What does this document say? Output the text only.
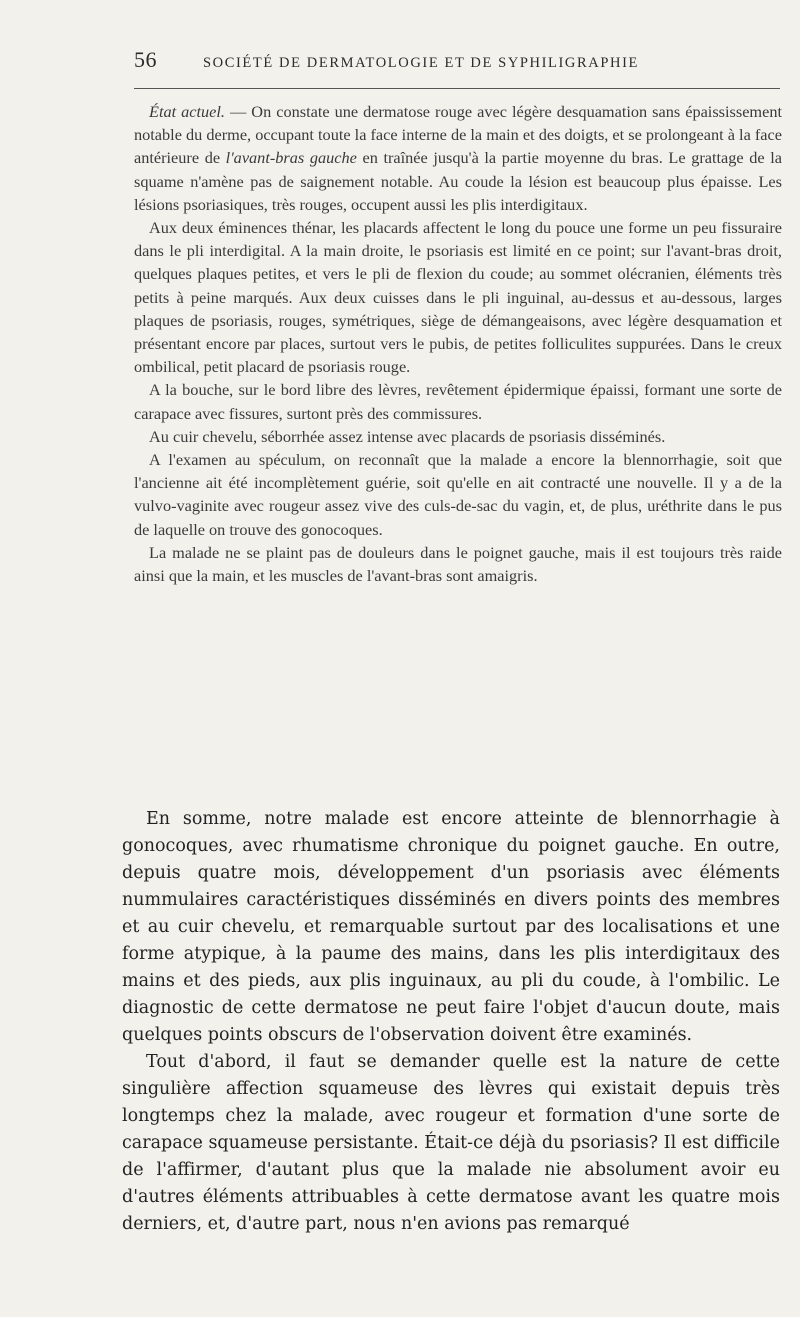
56	SOCIÉTÉ DE DERMATOLOGIE ET DE SYPHILIGRAPHIE

État actuel. — On constate une dermatose rouge avec légère desquamation sans épaississement notable du derme, occupant toute la face interne de la main et des doigts, et se prolongeant à la face antérieure de l'avant-bras gauche en traînée jusqu'à la partie moyenne du bras. Le grattage de la squame n'amène pas de saignement notable. Au coude la lésion est beaucoup plus épaisse. Les lésions psoriasiques, très rouges, occupent aussi les plis interdigitaux.

Aux deux éminences thénar, les placards affectent le long du pouce une forme un peu fissuraire dans le pli interdigital. A la main droite, le psoriasis est limité en ce point; sur l'avant-bras droit, quelques plaques petites, et vers le pli de flexion du coude; au sommet olécranien, éléments très petits à peine marqués. Aux deux cuisses dans le pli inguinal, au-dessus et au-dessous, larges plaques de psoriasis, rouges, symétriques, siège de démangeaisons, avec légère desquamation et présentant encore par places, surtout vers le pubis, de petites folliculites suppurées. Dans le creux ombilical, petit placard de psoriasis rouge.

A la bouche, sur le bord libre des lèvres, revêtement épidermique épaissi, formant une sorte de carapace avec fissures, surtont près des commissures.

Au cuir chevelu, séborrhée assez intense avec placards de psoriasis disséminés.

A l'examen au spéculum, on reconnaît que la malade a encore la blennorrhagie, soit que l'ancienne ait été incomplètement guérie, soit qu'elle en ait contracté une nouvelle. Il y a de la vulvo-vaginite avec rougeur assez vive des culs-de-sac du vagin, et, de plus, uréthrite dans le pus de laquelle on trouve des gonocoques.

La malade ne se plaint pas de douleurs dans le poignet gauche, mais il est toujours très raide ainsi que la main, et les muscles de l'avant-bras sont amaigris.

En somme, notre malade est encore atteinte de blennorrhagie à gonocoques, avec rhumatisme chronique du poignet gauche. En outre, depuis quatre mois, développement d'un psoriasis avec éléments nummulaires caractéristiques disséminés en divers points des membres et au cuir chevelu, et remarquable surtout par des localisations et une forme atypique, à la paume des mains, dans les plis interdigitaux des mains et des pieds, aux plis inguinaux, au pli du coude, à l'ombilic. Le diagnostic de cette dermatose ne peut faire l'objet d'aucun doute, mais quelques points obscurs de l'observation doivent être examinés.

Tout d'abord, il faut se demander quelle est la nature de cette singulière affection squameuse des lèvres qui existait depuis très longtemps chez la malade, avec rougeur et formation d'une sorte de carapace squameuse persistante. Était-ce déjà du psoriasis? Il est difficile de l'affirmer, d'autant plus que la malade nie absolument avoir eu d'autres éléments attribuables à cette dermatose avant les quatre mois derniers, et, d'autre part, nous n'en avions pas remarqué
